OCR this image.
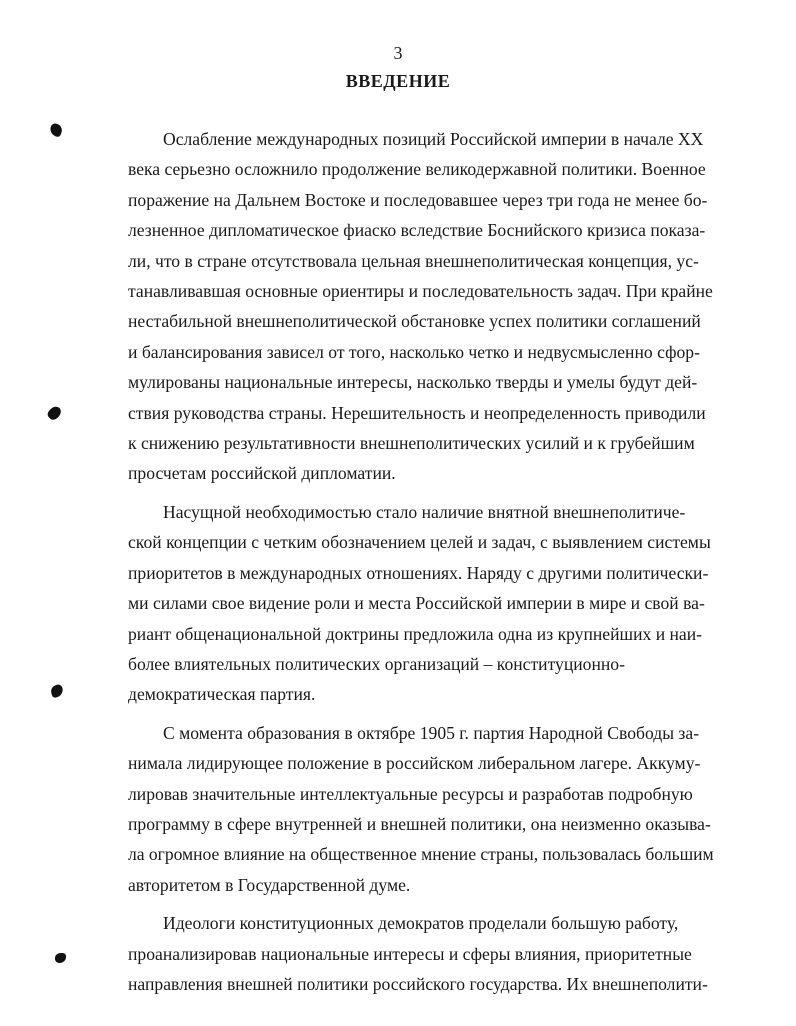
3
ВВЕДЕНИЕ

Ослабление международных позиций Российской империи в начале XX
века серьезно осложнило продолжение великодержавной политики. Военное
поражение на Дальнем Востоке и последовавшее через три года не менее бо-
лезненное дипломатическое фиаско вследствие Боснийского кризиса показа-
ли, что в стране отсутствовала цельная внешнеполитическая концепция, ус-
танавливавшая основные ориентиры и последовательность задач. При крайне
нестабильной внешнеполитической обстановке успех политики соглашений
и балансирования зависел от того, насколько четко и недвусмысленно сфор-
мулированы национальные интересы, насколько тверды и умелы будут дей-
ствия руководства страны. Нерешительность и неопределенность приводили
к снижению результативности внешнеполитических усилий и к грубейшим
просчетам российской дипломатии.

Насущной необходимостью стало наличие внятной внешнеполитиче-
ской концепции с четким обозначением целей и задач, с выявлением системы
приоритетов в международных отношениях. Наряду с другими политически-
ми силами свое видение роли и места Российской империи в мире и свой ва-
риант общенациональной доктрины предложила одна из крупнейших и наи-
более влиятельных политических организаций – конституционно-
демократическая партия.

С момента образования в октябре 1905 г. партия Народной Свободы за-
нимала лидирующее положение в российском либеральном лагере. Аккуму-
лировав значительные интеллектуальные ресурсы и разработав подробную
программу в сфере внутренней и внешней политики, она неизменно оказыва-
ла огромное влияние на общественное мнение страны, пользовалась большим
авторитетом в Государственной думе.

Идеологи конституционных демократов проделали большую работу,
проанализировав национальные интересы и сферы влияния, приоритетные
направления внешней политики российского государства. Их внешнеполити-
